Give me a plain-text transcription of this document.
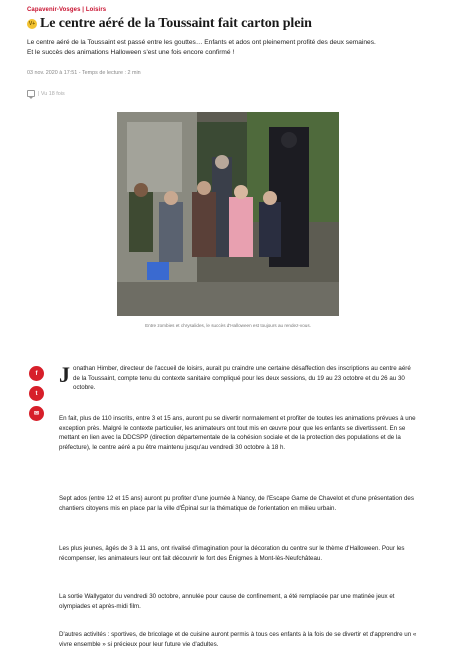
Capavenir-Vosges | Loisirs
V+ Le centre aéré de la Toussaint fait carton plein
Le centre aéré de la Toussaint est passé entre les gouttes… Enfants et ados ont pleinement profité des deux semaines.
Et le succès des animations Halloween s'est une fois encore confirmé !
03 nov. 2020 à 17:51 - Temps de lecture : 2 min
| Vu 18 fois
Entre zombies et chrysalides, le succès d'Halloween est toujours au rendez-vous.
f
t
✉
Jonathan Himber, directeur de l'accueil de loisirs, aurait pu craindre une certaine désaffection des inscriptions au centre aéré de la Toussaint, compte tenu du contexte sanitaire compliqué pour les deux sessions, du 19 au 23 octobre et du 26 au 30 octobre.
En fait, plus de 110 inscrits, entre 3 et 15 ans, auront pu se divertir normalement et profiter de toutes les animations prévues à une exception près. Malgré le contexte particulier, les animateurs ont tout mis en œuvre pour que les enfants se divertissent. En se mettant en lien avec la DDCSPP (direction départementale de la cohésion sociale et de la protection des populations et de la préfecture), le centre aéré a pu être maintenu jusqu'au vendredi 30 octobre à 18 h.
Sept ados (entre 12 et 15 ans) auront pu profiter d'une journée à Nancy, de l'Escape Game de Chavelot et d'une présentation des chantiers citoyens mis en place par la ville d'Épinal sur la thématique de l'orientation en milieu urbain.
Les plus jeunes, âgés de 3 à 11 ans, ont rivalisé d'imagination pour la décoration du centre sur le thème d'Halloween. Pour les récompenser, les animateurs leur ont fait découvrir le fort des Énigmes à Mont-lès-Neufchâteau.
La sortie Wallygator du vendredi 30 octobre, annulée pour cause de confinement, a été remplacée par une matinée jeux et olympiades et après-midi film.
D'autres activités : sportives, de bricolage et de cuisine auront permis à tous ces enfants à la fois de se divertir et d'apprendre un « vivre ensemble » si précieux pour leur future vie d'adultes.
